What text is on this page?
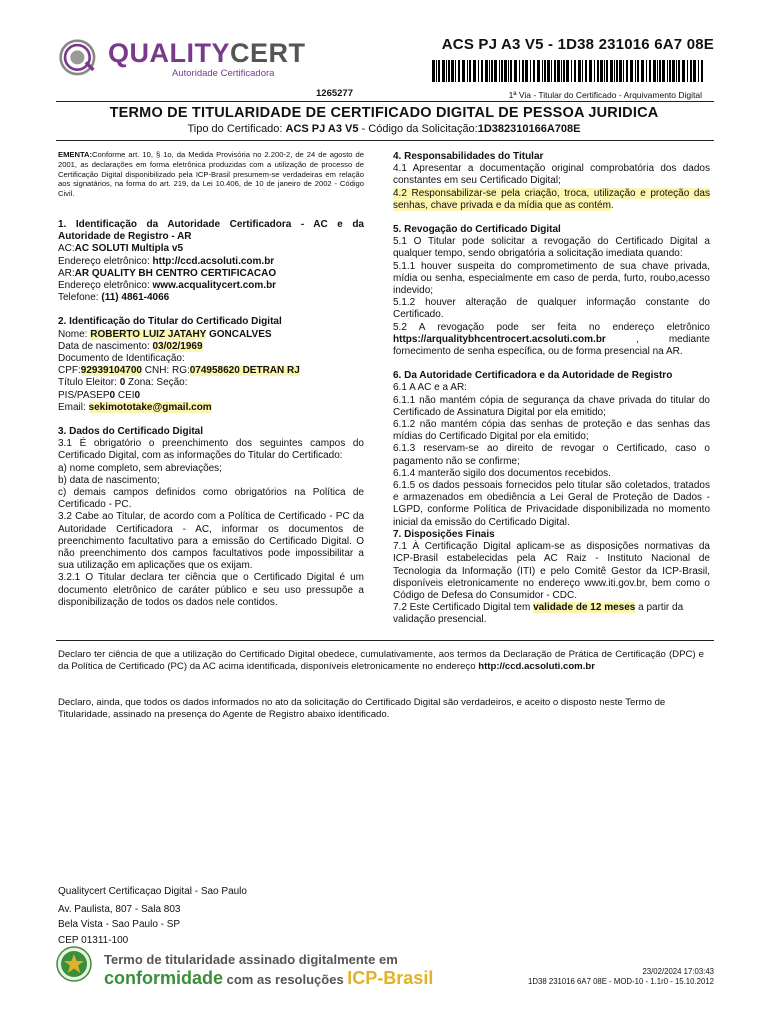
QUALITYCERT
Autoridade Certificadora
ACS PJ A3 V5 - 1D38 231016 6A7 08E
1265277	1ª Via - Titular do Certificado - Arquivamento Digital
TERMO DE TITULARIDADE DE CERTIFICADO DIGITAL DE PESSOA JURIDICA
Tipo do Certificado: ACS PJ A3 V5 - Código da Solicitação:1D382310166A708E

EMENTA:Conforme art. 10, § 1o, da Medida Provisória no 2.200-2, de 24 de agosto de 2001, as declarações em forma eletrônica produzidas com a utilização de processo de Certificação Digital disponibilizado pela ICP-Brasil presumem-se verdadeiras em relação aos signatários, na forma do art. 219, da Lei 10.406, de 10 de janeiro de 2002 - Código Civil.

1. Identificação da Autoridade Certificadora - AC e da Autoridade de Registro - AR

AC:AC SOLUTI Multipla v5

Endereço eletrônico: http://ccd.acsoluti.com.br

AR:AR QUALITY BH CENTRO CERTIFICACAO

Endereço eletrônico: www.acqualitycert.com.br

Telefone: (11) 4861-4066

2. Identificação do Titular do Certificado Digital

Nome: ROBERTO LUIZ JATAHY GONCALVES

Data de nascimento: 03/02/1969

Documento de Identificação:

CPF:92939104700 CNH: RG:074958620 DETRAN RJ

Título Eleitor: 0 Zona: Seção:

PIS/PASEP0 CEI0

Email: sekimototake@gmail.com

3. Dados do Certificado Digital

3.1 É obrigatório o preenchimento dos seguintes campos do Certificado Digital, com as informações do Titular do Certificado:

a) nome completo, sem abreviações;

b) data de nascimento;

c) demais campos definidos como obrigatórios na Política de Certificado - PC.

3.2 Cabe ao Titular, de acordo com a Política de Certificado - PC da Autoridade Certificadora - AC, informar os documentos de preenchimento facultativo para a emissão do Certificado Digital. O não preenchimento dos campos facultativos pode impossibilitar a sua utilização em aplicações que os exijam.

3.2.1 O Titular declara ter ciência que o Certificado Digital é um documento eletrônico de caráter público e seu uso pressupõe a disponibilização de todos os dados nele contidos.

4. Responsabilidades do Titular

4.1 Apresentar a documentação original comprobatória dos dados constantes em seu Certificado Digital;

4.2 Responsabilizar-se pela criação, troca, utilização e proteção das senhas, chave privada e da mídia que as contém.

5. Revogação do Certificado Digital

5.1 O Titular pode solicitar a revogação do Certificado Digital a qualquer tempo, sendo obrigatória a solicitação imediata quando:

5.1.1 houver suspeita do comprometimento de sua chave privada, mídia ou senha, especialmente em caso de perda, furto, roubo,acesso indevido;

5.1.2 houver alteração de qualquer informação constante do Certificado.

5.2 A revogação pode ser feita no endereço eletrônico https://arqualitybhcentrocert.acsoluti.com.br , mediante fornecimento de senha específica, ou de forma presencial na AR.

6. Da Autoridade Certificadora e da Autoridade de Registro

6.1 A AC e a AR:

6.1.1 não mantém cópia de segurança da chave privada do titular do Certificado de Assinatura Digital por ela emitido;

6.1.2 não mantém cópia das senhas de proteção e das senhas das mídias do Certificado Digital por ela emitido;

6.1.3 reservam-se ao direito de revogar o Certificado, caso o pagamento não se confirme;

6.1.4 manterão sigilo dos documentos recebidos.

6.1.5 os dados pessoais fornecidos pelo titular são coletados, tratados e armazenados em obediência a Lei Geral de Proteção de Dados - LGPD, conforme Política de Privacidade disponibilizada no momento inicial da emissão do Certificado Digital.

7. Disposições Finais

7.1 À Certificação Digital aplicam-se as disposições normativas da ICP-Brasil estabelecidas pela AC Raiz - Instituto Nacional de Tecnologia da Informação (ITI) e pelo Comitê Gestor da ICP-Brasil, disponíveis eletronicamente no endereço www.iti.gov.br, bem como o Código de Defesa do Consumidor - CDC.

7.2 Este Certificado Digital tem validade de 12 meses a partir da validação presencial.

Declaro ter ciência de que a utilização do Certificado Digital obedece, cumulativamente, aos termos da Declaração de Prática de Certificação (DPC) e da Política de Certificado (PC) da AC acima identificada, disponíveis eletronicamente no endereço http://ccd.acsoluti.com.br

Declaro, ainda, que todos os dados informados no ato da solicitação do Certificado Digital são verdadeiros, e aceito o disposto neste Termo de Titularidade, assinado na presença do Agente de Registro abaixo identificado.

Qualitycert Certificaçao Digital - Sao Paulo
Av. Paulista, 807 - Sala 803
Bela Vista - Sao Paulo - SP
CEP 01311-100
Termo de titularidade assinado digitalmente em
conformidade com as resoluções ICP-Brasil	23/02/2024 17:03:43
1D38 231016 6A7 08E - MOD-10 - 1.1r0 - 15.10.2012
